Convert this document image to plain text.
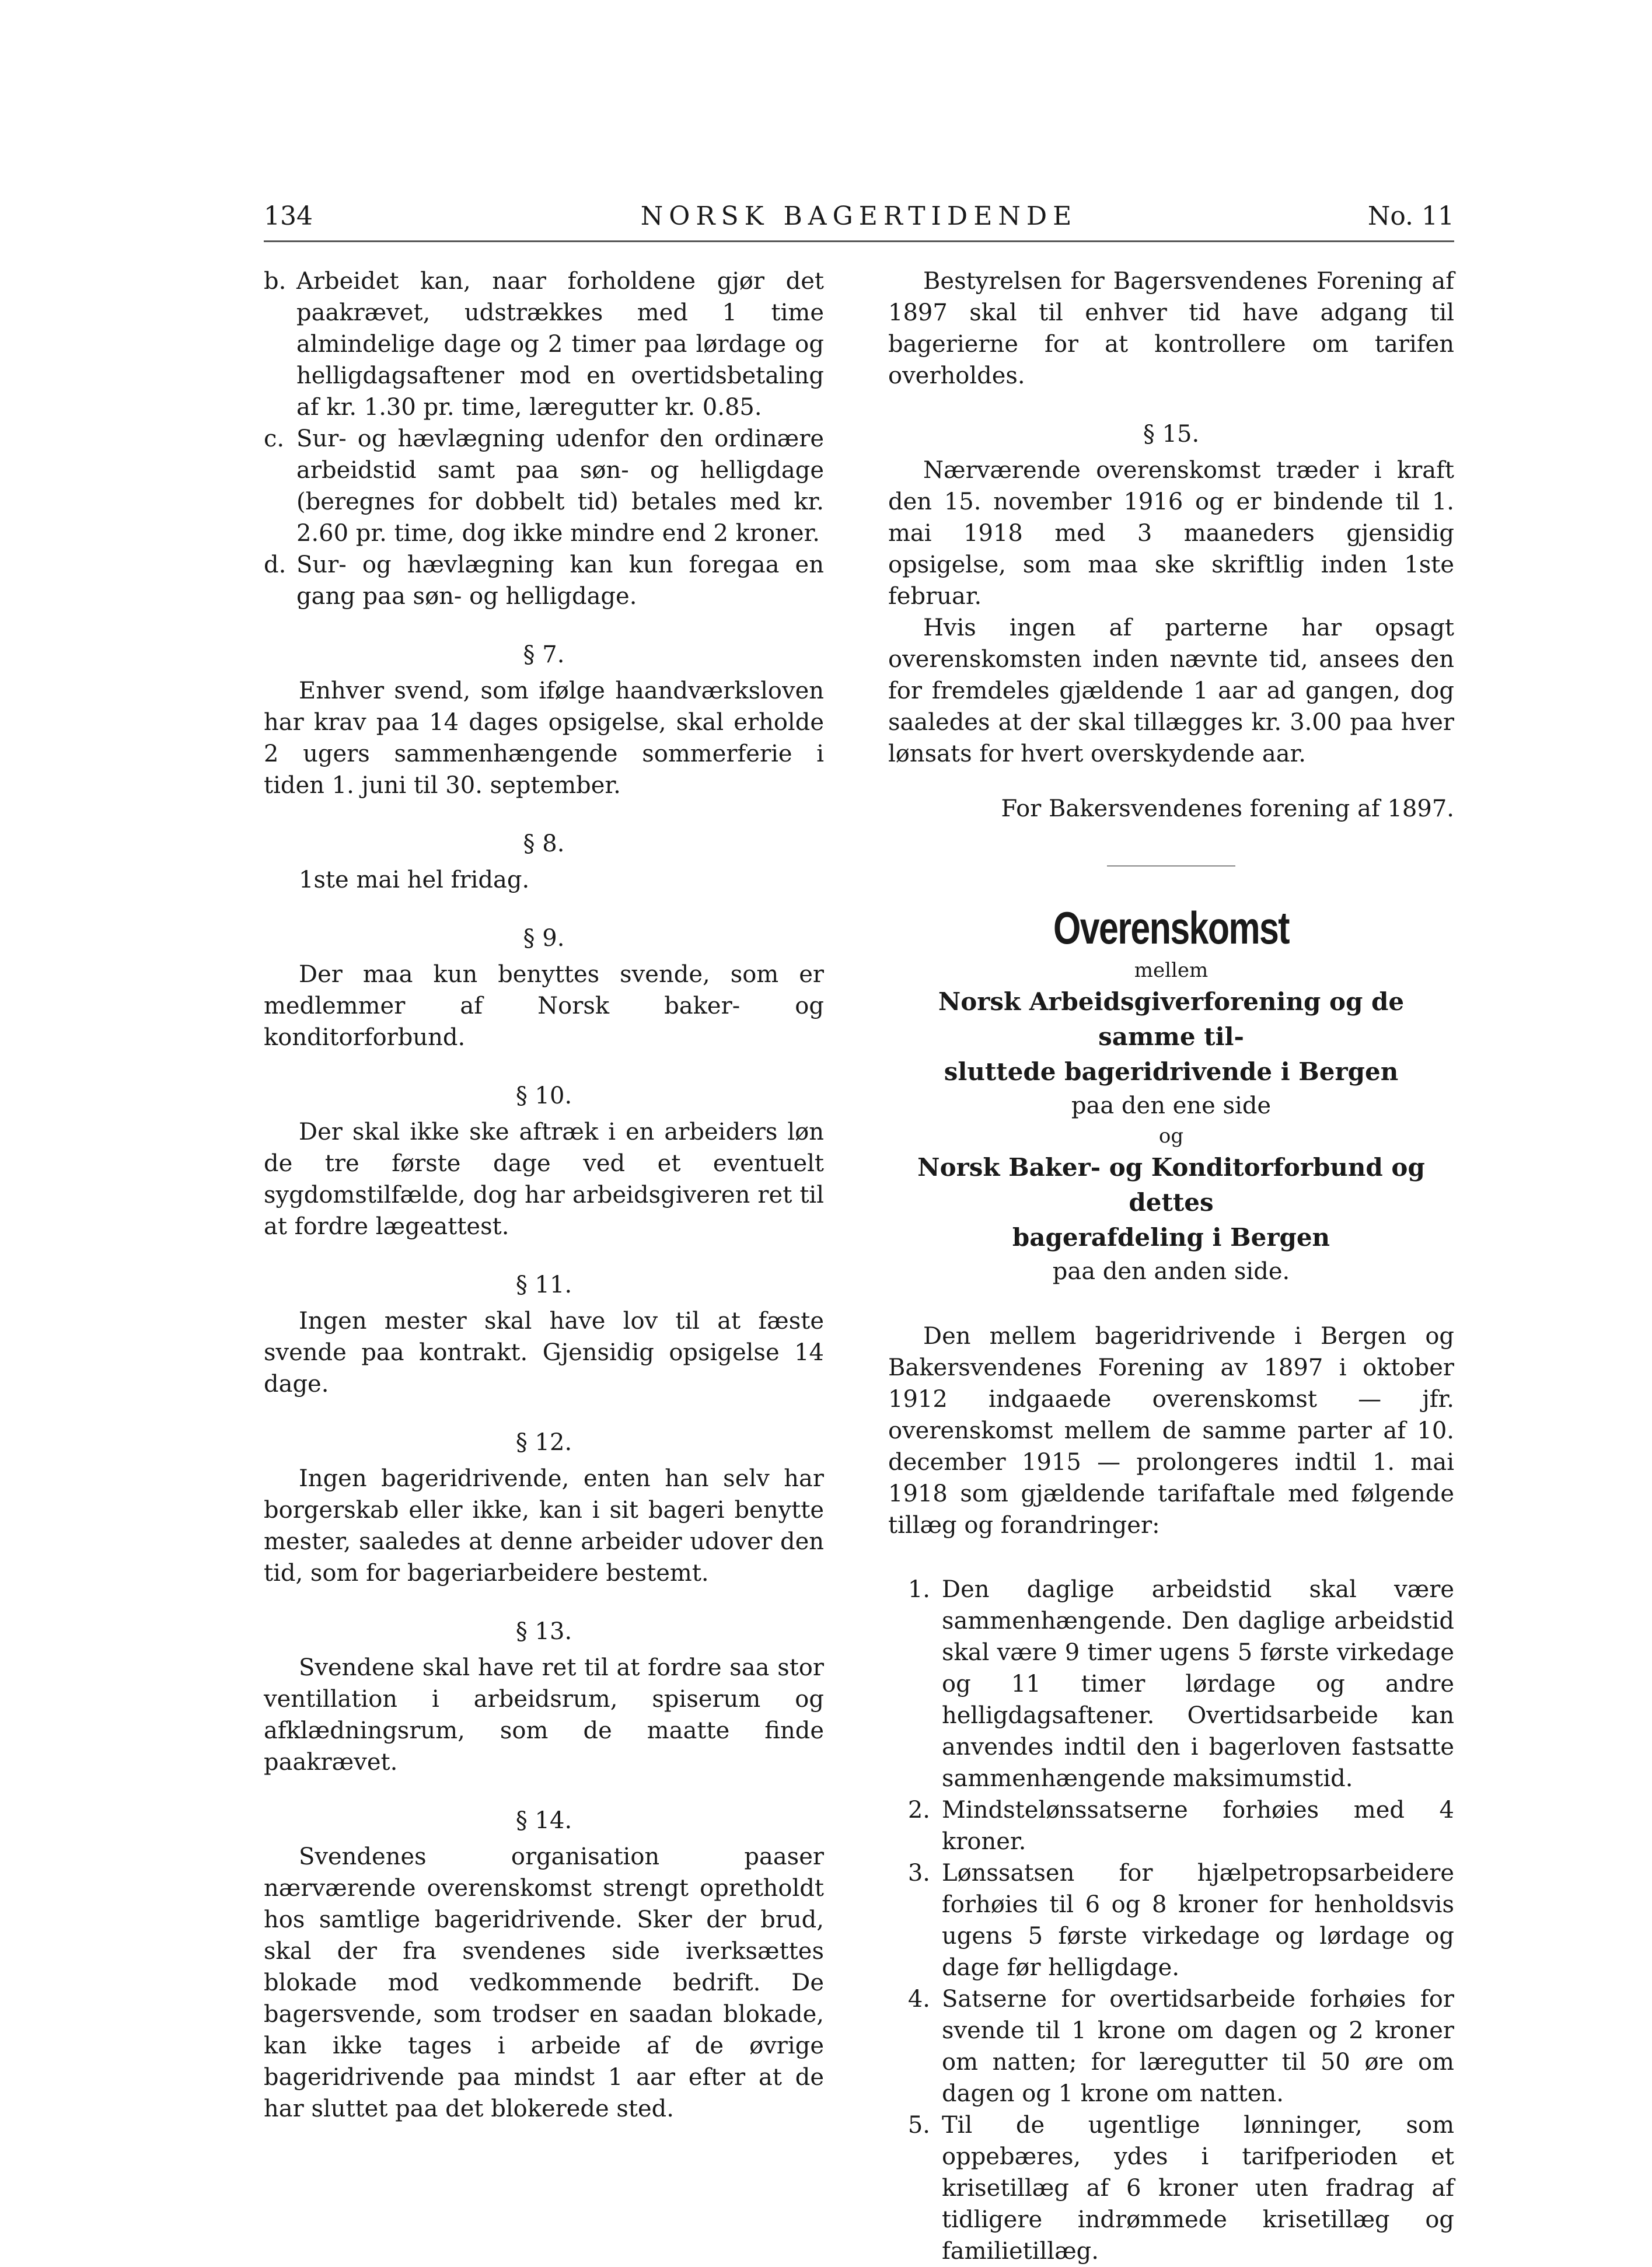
134	NORSK BAGERTIDENDE	No. 11
b. Arbeidet kan, naar forholdene gjør det paakrævet, udstrækkes med 1 time almindelige dage og 2 timer paa lørdage og helligdagsaftener mod en overtidsbetaling af kr. 1.30 pr. time, læregutter kr. 0.85.
c. Sur- og hævlægning udenfor den ordinære arbeidstid samt paa søn- og helligdage (beregnes for dobbelt tid) betales med kr. 2.60 pr. time, dog ikke mindre end 2 kroner.
d. Sur- og hævlægning kan kun foregaa en gang paa søn- og helligdage.
§ 7.

Enhver svend, som ifølge haandværksloven har krav paa 14 dages opsigelse, skal erholde 2 ugers sammenhængende sommerferie i tiden 1. juni til 30. september.

§ 8.

1ste mai hel fridag.

§ 9.

Der maa kun benyttes svende, som er medlemmer af Norsk baker- og konditorforbund.

§ 10.

Der skal ikke ske aftræk i en arbeiders løn de tre første dage ved et eventuelt sygdomstilfælde, dog har arbeidsgiveren ret til at fordre lægeattest.

§ 11.

Ingen mester skal have lov til at fæste svende paa kontrakt. Gjensidig opsigelse 14 dage.

§ 12.

Ingen bageridrivende, enten han selv har borgerskab eller ikke, kan i sit bageri benytte mester, saaledes at denne arbeider udover den tid, som for bageriarbeidere bestemt.

§ 13.

Svendene skal have ret til at fordre saa stor ventillation i arbeidsrum, spiserum og afklædningsrum, som de maatte finde paakrævet.

§ 14.

Svendenes organisation paaser nærværende overenskomst strengt opretholdt hos samtlige bageridrivende. Sker der brud, skal der fra svendenes side iverksættes blokade mod vedkommende bedrift. De bagersvende, som trodser en saadan blokade, kan ikke tages i arbeide af de øvrige bageridrivende paa mindst 1 aar efter at de har sluttet paa det blokerede sted.

Bestyrelsen for Bagersvendenes Forening af 1897 skal til enhver tid have adgang til bagerierne for at kontrollere om tarifen overholdes.

§ 15.

Nærværende overenskomst træder i kraft den 15. november 1916 og er bindende til 1. mai 1918 med 3 maaneders gjensidig opsigelse, som maa ske skriftlig inden 1ste februar.

Hvis ingen af parterne har opsagt overenskomsten inden nævnte tid, ansees den for fremdeles gjældende 1 aar ad gangen, dog saaledes at der skal tillægges kr. 3.00 paa hver lønsats for hvert overskydende aar.

For Bakersvendenes forening af 1897.
Overenskomst
mellem
Norsk Arbeidsgiverforening og de samme til-
sluttede bageridrivende i Bergen
paa den ene side
og
Norsk Baker- og Konditorforbund og dettes
bagerafdeling i Bergen
paa den anden side.

Den mellem bageridrivende i Bergen og Bakersvendenes Forening av 1897 i oktober 1912 indgaaede overenskomst — jfr. overenskomst mellem de samme parter af 10. december 1915 — prolongeres indtil 1. mai 1918 som gjældende tarifaftale med følgende tillæg og forandringer:

1. Den daglige arbeidstid skal være sammenhængende. Den daglige arbeidstid skal være 9 timer ugens 5 første virkedage og 11 timer lørdage og andre helligdagsaftener. Overtidsarbeide kan anvendes indtil den i bagerloven fastsatte sammenhængende maksimumstid.
2. Mindstelønssatserne forhøies med 4 kroner.
3. Lønssatsen for hjælpetropsarbeidere forhøies til 6 og 8 kroner for henholdsvis ugens 5 første virkedage og lørdage og dage før helligdage.
4. Satserne for overtidsarbeide forhøies for svende til 1 krone om dagen og 2 kroner om natten; for læregutter til 50 øre om dagen og 1 krone om natten.
5. Til de ugentlige lønninger, som oppebæres, ydes i tarifperioden et krisetillæg af 6 kroner uten fradrag af tidligere indrømmede krisetillæg og familietillæg.
